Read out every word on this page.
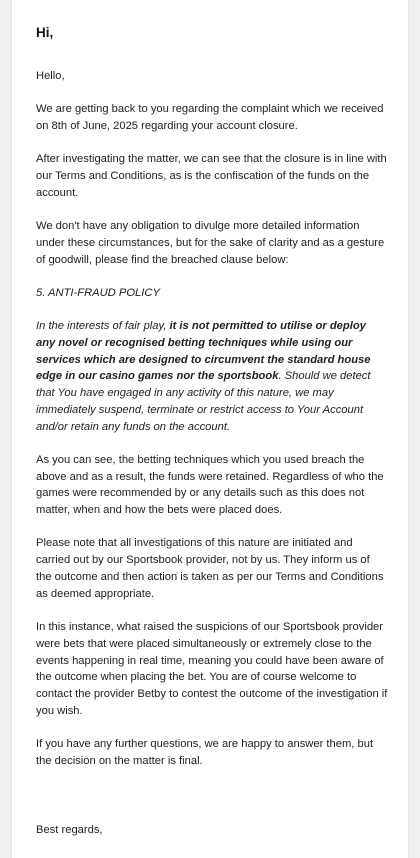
Hi,

Hello,

We are getting back to you regarding the complaint which we received on 8th of June, 2025 regarding your account closure.

After investigating the matter, we can see that the closure is in line with our Terms and Conditions, as is the confiscation of the funds on the account.

We don't have any obligation to divulge more detailed information under these circumstances, but for the sake of clarity and as a gesture of goodwill, please find the breached clause below:

5. ANTI-FRAUD POLICY

In the interests of fair play, it is not permitted to utilise or deploy any novel or recognised betting techniques while using our services which are designed to circumvent the standard house edge in our casino games nor the sportsbook. Should we detect that You have engaged in any activity of this nature, we may immediately suspend, terminate or restrict access to Your Account and/or retain any funds on the account.

As you can see, the betting techniques which you used breach the above and as a result, the funds were retained. Regardless of who the games were recommended by or any details such as this does not matter, when and how the bets were placed does.

Please note that all investigations of this nature are initiated and carried out by our Sportsbook provider, not by us. They inform us of the outcome and then action is taken as per our Terms and Conditions as deemed appropriate.

In this instance, what raised the suspicions of our Sportsbook provider were bets that were placed simultaneously or extremely close to the events happening in real time, meaning you could have been aware of the outcome when placing the bet. You are of course welcome to contact the provider Betby to contest the outcome of the investigation if you wish.

If you have any further questions, we are happy to answer them, but the decision on the matter is final.

Best regards,
